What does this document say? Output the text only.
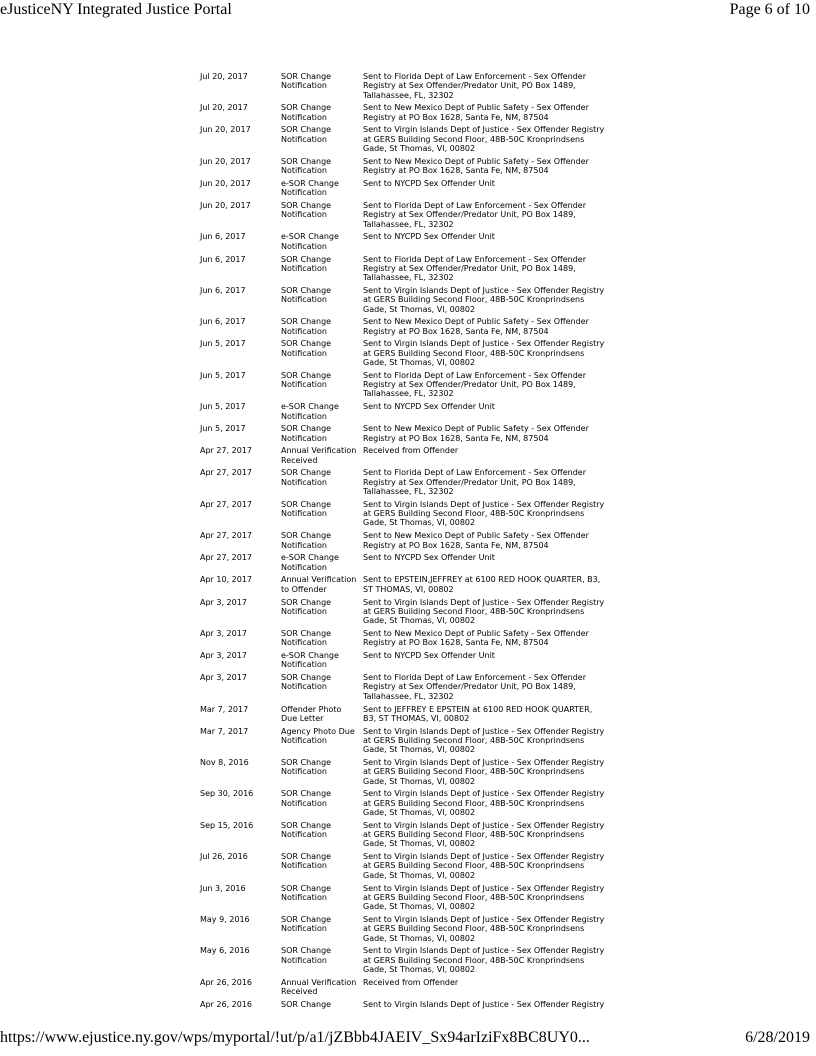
eJusticeNY Integrated Justice Portal	Page 6 of 10
Jul 20, 2017	SOR Change Notification	Sent to Florida Dept of Law Enforcement - Sex Offender Registry at Sex Offender/Predator Unit, PO Box 1489, Tallahassee, FL, 32302
Jul 20, 2017	SOR Change Notification	Sent to New Mexico Dept of Public Safety - Sex Offender Registry at PO Box 1628, Santa Fe, NM, 87504
Jun 20, 2017	SOR Change Notification	Sent to Virgin Islands Dept of Justice - Sex Offender Registry at GERS Building Second Floor, 48B-50C Kronprindsens Gade, St Thomas, VI, 00802
Jun 20, 2017	SOR Change Notification	Sent to New Mexico Dept of Public Safety - Sex Offender Registry at PO Box 1628, Santa Fe, NM, 87504
Jun 20, 2017	e-SOR Change Notification	Sent to NYCPD Sex Offender Unit
Jun 20, 2017	SOR Change Notification	Sent to Florida Dept of Law Enforcement - Sex Offender Registry at Sex Offender/Predator Unit, PO Box 1489, Tallahassee, FL, 32302
Jun 6, 2017	e-SOR Change Notification	Sent to NYCPD Sex Offender Unit
Jun 6, 2017	SOR Change Notification	Sent to Florida Dept of Law Enforcement - Sex Offender Registry at Sex Offender/Predator Unit, PO Box 1489, Tallahassee, FL, 32302
Jun 6, 2017	SOR Change Notification	Sent to Virgin Islands Dept of Justice - Sex Offender Registry at GERS Building Second Floor, 48B-50C Kronprindsens Gade, St Thomas, VI, 00802
Jun 6, 2017	SOR Change Notification	Sent to New Mexico Dept of Public Safety - Sex Offender Registry at PO Box 1628, Santa Fe, NM, 87504
Jun 5, 2017	SOR Change Notification	Sent to Virgin Islands Dept of Justice - Sex Offender Registry at GERS Building Second Floor, 48B-50C Kronprindsens Gade, St Thomas, VI, 00802
Jun 5, 2017	SOR Change Notification	Sent to Florida Dept of Law Enforcement - Sex Offender Registry at Sex Offender/Predator Unit, PO Box 1489, Tallahassee, FL, 32302
Jun 5, 2017	e-SOR Change Notification	Sent to NYCPD Sex Offender Unit
Jun 5, 2017	SOR Change Notification	Sent to New Mexico Dept of Public Safety - Sex Offender Registry at PO Box 1628, Santa Fe, NM, 87504
Apr 27, 2017	Annual Verification Received	Received from Offender
Apr 27, 2017	SOR Change Notification	Sent to Florida Dept of Law Enforcement - Sex Offender Registry at Sex Offender/Predator Unit, PO Box 1489, Tallahassee, FL, 32302
Apr 27, 2017	SOR Change Notification	Sent to Virgin Islands Dept of Justice - Sex Offender Registry at GERS Building Second Floor, 48B-50C Kronprindsens Gade, St Thomas, VI, 00802
Apr 27, 2017	SOR Change Notification	Sent to New Mexico Dept of Public Safety - Sex Offender Registry at PO Box 1628, Santa Fe, NM, 87504
Apr 27, 2017	e-SOR Change Notification	Sent to NYCPD Sex Offender Unit
Apr 10, 2017	Annual Verification to Offender	Sent to EPSTEIN,JEFFREY at 6100 RED HOOK QUARTER, B3, ST THOMAS, VI, 00802
Apr 3, 2017	SOR Change Notification	Sent to Virgin Islands Dept of Justice - Sex Offender Registry at GERS Building Second Floor, 48B-50C Kronprindsens Gade, St Thomas, VI, 00802
Apr 3, 2017	SOR Change Notification	Sent to New Mexico Dept of Public Safety - Sex Offender Registry at PO Box 1628, Santa Fe, NM, 87504
Apr 3, 2017	e-SOR Change Notification	Sent to NYCPD Sex Offender Unit
Apr 3, 2017	SOR Change Notification	Sent to Florida Dept of Law Enforcement - Sex Offender Registry at Sex Offender/Predator Unit, PO Box 1489, Tallahassee, FL, 32302
Mar 7, 2017	Offender Photo Due Letter	Sent to JEFFREY E EPSTEIN at 6100 RED HOOK QUARTER, B3, ST THOMAS, VI, 00802
Mar 7, 2017	Agency Photo Due Notification	Sent to Virgin Islands Dept of Justice - Sex Offender Registry at GERS Building Second Floor, 48B-50C Kronprindsens Gade, St Thomas, VI, 00802
Nov 8, 2016	SOR Change Notification	Sent to Virgin Islands Dept of Justice - Sex Offender Registry at GERS Building Second Floor, 48B-50C Kronprindsens Gade, St Thomas, VI, 00802
Sep 30, 2016	SOR Change Notification	Sent to Virgin Islands Dept of Justice - Sex Offender Registry at GERS Building Second Floor, 48B-50C Kronprindsens Gade, St Thomas, VI, 00802
Sep 15, 2016	SOR Change Notification	Sent to Virgin Islands Dept of Justice - Sex Offender Registry at GERS Building Second Floor, 48B-50C Kronprindsens Gade, St Thomas, VI, 00802
Jul 26, 2016	SOR Change Notification	Sent to Virgin Islands Dept of Justice - Sex Offender Registry at GERS Building Second Floor, 48B-50C Kronprindsens Gade, St Thomas, VI, 00802
Jun 3, 2016	SOR Change Notification	Sent to Virgin Islands Dept of Justice - Sex Offender Registry at GERS Building Second Floor, 48B-50C Kronprindsens Gade, St Thomas, VI, 00802
May 9, 2016	SOR Change Notification	Sent to Virgin Islands Dept of Justice - Sex Offender Registry at GERS Building Second Floor, 48B-50C Kronprindsens Gade, St Thomas, VI, 00802
May 6, 2016	SOR Change Notification	Sent to Virgin Islands Dept of Justice - Sex Offender Registry at GERS Building Second Floor, 48B-50C Kronprindsens Gade, St Thomas, VI, 00802
Apr 26, 2016	Annual Verification Received	Received from Offender
Apr 26, 2016	SOR Change	Sent to Virgin Islands Dept of Justice - Sex Offender Registry
https://www.ejustice.ny.gov/wps/myportal/!ut/p/a1/jZBbb4JAEIV_Sx94arIziFx8BC8UY0...	6/28/2019
